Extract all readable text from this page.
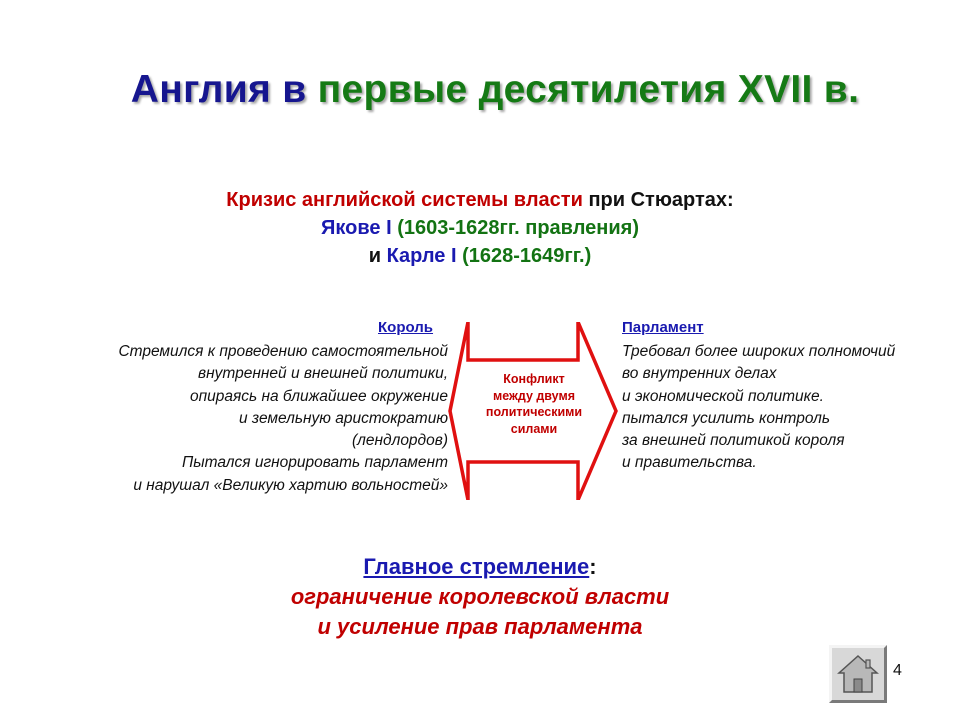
Англия в первые десятилетия XVII в.
Кризис английской системы власти при Стюартах:
Якове I (1603-1628гг. правления)
и Карле I (1628-1649гг.)
Король	Парламент
Стремился к проведению самостоятельной
внутренней и внешней политики,
опираясь на ближайшее окружение
и земельную аристократию
(лендлордов)
Пытался игнорировать парламент
и нарушал «Великую хартию вольностей»
Требовал более широких полномочий
во внутренних делах
и экономической политике.
пытался усилить контроль
за внешней политикой короля
и правительства.
Конфликт
между двумя
политическими
силами
Главное стремление:
ограничение королевской власти
и усиление прав парламента
4
